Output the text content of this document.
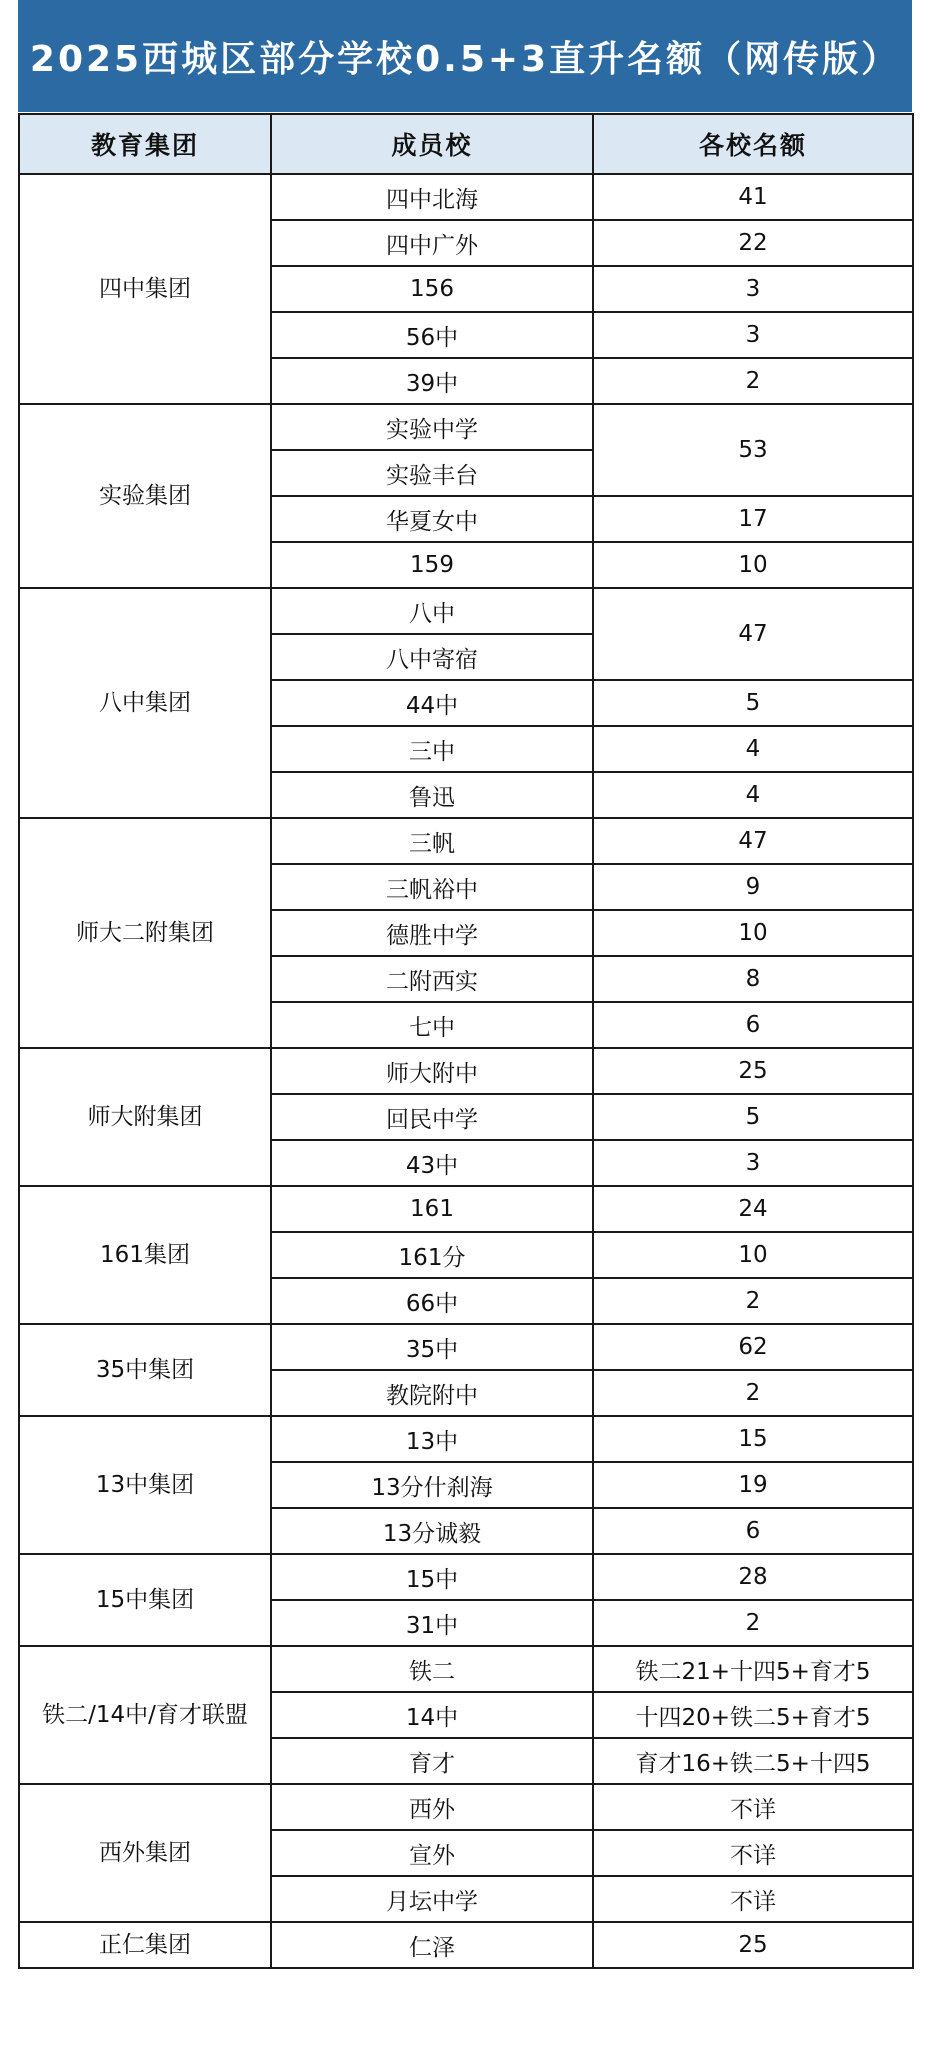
2025西城区部分学校0.5+3直升名额（网传版）
教育集团	成员校	各校名额
四中集团	四中北海	41
	四中广外	22
	156	3
	56中	3
	39中	2
实验集团	实验中学	53
	实验丰台	
	华夏女中	17
	159	10
八中集团	八中	47
	八中寄宿	
	44中	5
	三中	4
	鲁迅	4
师大二附集团	三帆	47
	三帆裕中	9
	德胜中学	10
	二附西实	8
	七中	6
师大附集团	师大附中	25
	回民中学	5
	43中	3
161集团	161	24
	161分	10
	66中	2
35中集团	35中	62
	教院附中	2
13中集团	13中	15
	13分什刹海	19
	13分诚毅	6
15中集团	15中	28
	31中	2
铁二/14中/育才联盟	铁二	铁二21+十四5+育才5
	14中	十四20+铁二5+育才5
	育才	育才16+铁二5+十四5
西外集团	西外	不详
	宣外	不详
	月坛中学	不详
正仁集团	仁泽	25
